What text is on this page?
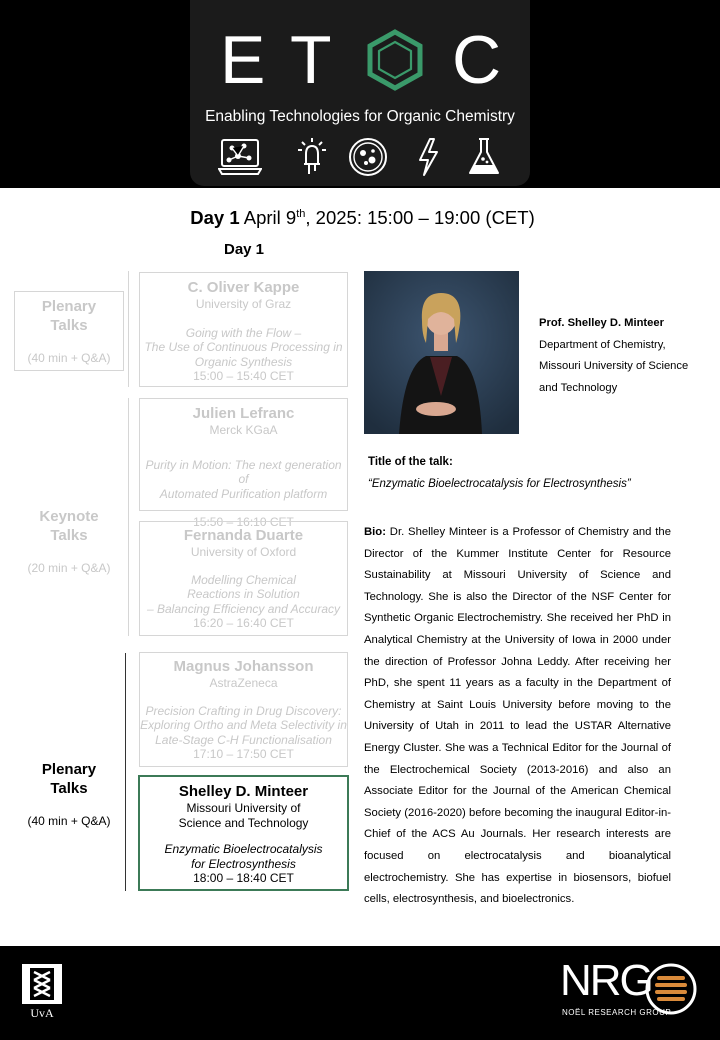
E T C
Enabling Technologies for Organic Chemistry
Day 1 April 9th, 2025: 15:00 – 19:00 (CET)
Day 1
Plenary
Talks
(40 min + Q&A)
Keynote
Talks
(20 min + Q&A)
Plenary
Talks
(40 min + Q&A)
C. Oliver Kappe
University of Graz
Going with the Flow –
The Use of Continuous Processing in
Organic Synthesis
15:00 – 15:40 CET
Julien Lefranc
Merck KGaA
Purity in Motion: The next generation of
Automated Purification platform
15:50 – 16:10 CET
Fernanda Duarte
University of Oxford
Modelling Chemical
Reactions in Solution
– Balancing Efficiency and Accuracy
16:20 – 16:40 CET
Magnus Johansson
AstraZeneca
Precision Crafting in Drug Discovery:
Exploring Ortho and Meta Selectivity in
Late-Stage C-H Functionalisation
17:10 – 17:50 CET
Shelley D. Minteer
Missouri University of
Science and Technology
Enzymatic Bioelectrocatalysis
for Electrosynthesis
18:00 – 18:40 CET
Prof. Shelley D. Minteer
Department of Chemistry,
Missouri University of Science
and Technology
Title of the talk:
“Enzymatic Bioelectrocatalysis for Electrosynthesis”
Bio: Dr. Shelley Minteer is a Professor of Chemistry and the Director of the Kummer Institute Center for Resource Sustainability at Missouri University of Science and Technology. She is also the Director of the NSF Center for Synthetic Organic Electrochemistry. She received her PhD in Analytical Chemistry at the University of Iowa in 2000 under the direction of Professor Johna Leddy. After receiving her PhD, she spent 11 years as a faculty in the Department of Chemistry at Saint Louis University before moving to the University of Utah in 2011 to lead the USTAR Alternative Energy Cluster. She was a Technical Editor for the Journal of the Electrochemical Society (2013-2016) and also an Associate Editor for the Journal of the American Chemical Society (2016-2020) before becoming the inaugural Editor-in-Chief of the ACS Au Journals. Her research interests are focused on electrocatalysis and bioanalytical electrochemistry. She has expertise in biosensors, biofuel cells, electrosynthesis, and bioelectronics.
UvA
NRG
NOËL RESEARCH GROUP
